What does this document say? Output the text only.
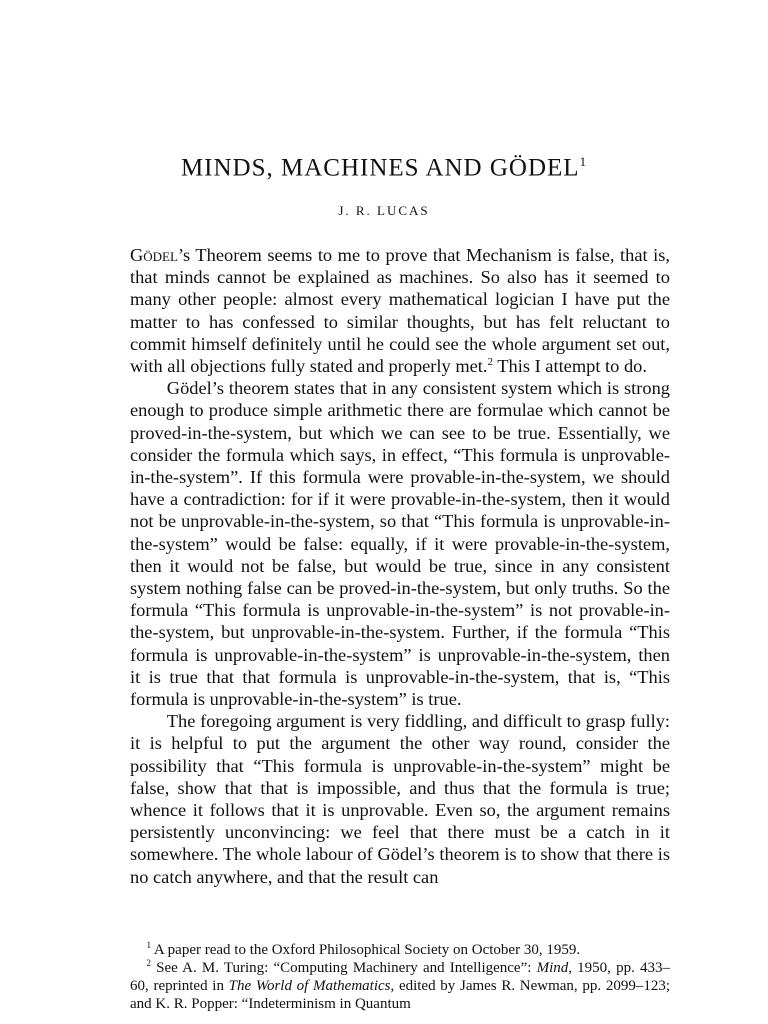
MINDS, MACHINES AND GÖDEL$^1$
J. R. LUCAS

Gödel’s Theorem seems to me to prove that Mechanism is false, that is, that minds cannot be explained as machines. So also has it seemed to many other people: almost every mathematical logician I have put the matter to has confessed to similar thoughts, but has felt reluctant to commit himself definitely until he could see the whole argument set out, with all objections fully stated and properly met.$^2$ This I attempt to do.

Gödel’s theorem states that in any consistent system which is strong enough to produce simple arithmetic there are formulae which cannot be proved-in-the-system, but which we can see to be true. Essentially, we consider the formula which says, in effect, “This formula is unprovable-in-the-system”. If this formula were provable-in-the-system, we should have a contradiction: for if it were provable-in-the-system, then it would not be unprovable-in-the-system, so that “This formula is unprovable-in-the-system” would be false: equally, if it were provable-in-the-system, then it would not be false, but would be true, since in any consistent system nothing false can be proved-in-the-system, but only truths. So the formula “This formula is unprovable-in-the-system” is not provable-in-the-system, but unprovable-in-the-system. Further, if the formula “This formula is unprovable-in-the-system” is unprovable-in-the-system, then it is true that that formula is unprovable-in-the-system, that is, “This formula is unprovable-in-the-system” is true.

The foregoing argument is very fiddling, and difficult to grasp fully: it is helpful to put the argument the other way round, consider the possibility that “This formula is unprovable-in-the-system” might be false, show that that is impossible, and thus that the formula is true; whence it follows that it is unprovable. Even so, the argument remains persistently unconvincing: we feel that there must be a catch in it somewhere. The whole labour of Gödel’s theorem is to show that there is no catch anywhere, and that the result can

$^1$ A paper read to the Oxford Philosophical Society on October 30, 1959.

$^2$ See A. M. Turing: “Computing Machinery and Intelligence”: Mind, 1950, pp. 433–60, reprinted in The World of Mathematics, edited by James R. Newman, pp. 2099–123; and K. R. Popper: “Indeterminism in Quantum
